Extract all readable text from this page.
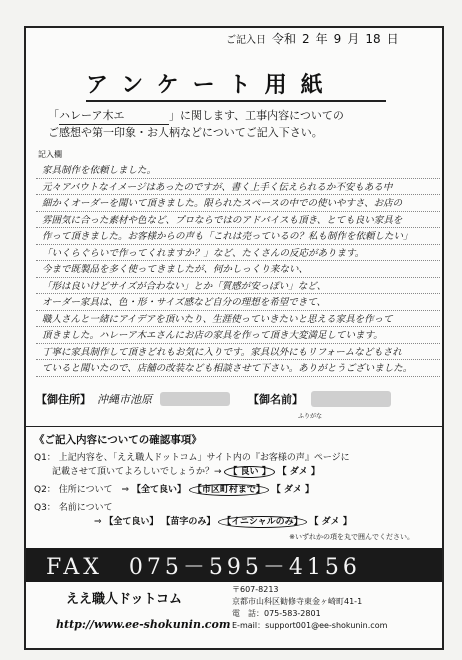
ご記入日 令和 2 年 9 月 18 日
アンケート用紙
「ハレーア木エ	」に関します、工事内容についての
ご感想や第一印象・お人柄などについてご記入下さい。
記入欄
家具制作を依頼しました。
元々アバウトなイメージはあったのですが、書く上手く伝えられるか不安もある中
細かくオーダーを聞いて頂きました。限られたスペースの中での使いやすさ、お店の
雰囲気に合った素材や色など、プロならではのアドバイスも頂き、とても良い家具を
作って頂きました。お客様からの声も「これは売っているの？私も制作を依頼したい」
「いくらぐらいで作ってくれますか？」など、たくさんの反応があります。
今まで既製品を多く使ってきましたが、何かしっくり来ない、
「形は良いけどサイズが合わない」とか「質感が安っぽい」など、
オーダー家具は、色・形・サイズ感など自分の理想を希望できて、
職人さんと一緒にアイデアを頂いたり、生涯使っていきたいと思える家具を作って
頂きました。ハレーア木エさんにお店の家具を作って頂き大変満足しています。
丁寧に家具制作して頂きどれもお気に入りです。家具以外にもリフォームなどもされ
ていると聞いたので、店舗の改装なども相談させて下さい。ありがとうございました。
【御住所】 沖縄市池原	【御名前】
ふりがな
《ご記入内容についての確認事項》
Q1： 上記内容を、「ええ職人ドットコム」サイト内の『お客様の声』ページに
記載させて頂いてよろしいでしょうか？→ 【 良い 】 【 ダメ 】
Q2： 住所について　⇒ 【全て良い】 【市区町村まで】 【 ダメ 】
Q3： 名前について
⇒ 【全て良い】 【苗字のみ】 【イニシャルのみ】 【 ダメ 】
※いずれかの項を丸で囲んでください。
FAX　075－595－4156
ええ職人ドットコム
http://www.ee-shokunin.com
〒607-8213
京都市山科区勧修寺東金ヶ崎町41-1
電　話：075-583-2801
E-mail：support001@ee-shokunin.com
